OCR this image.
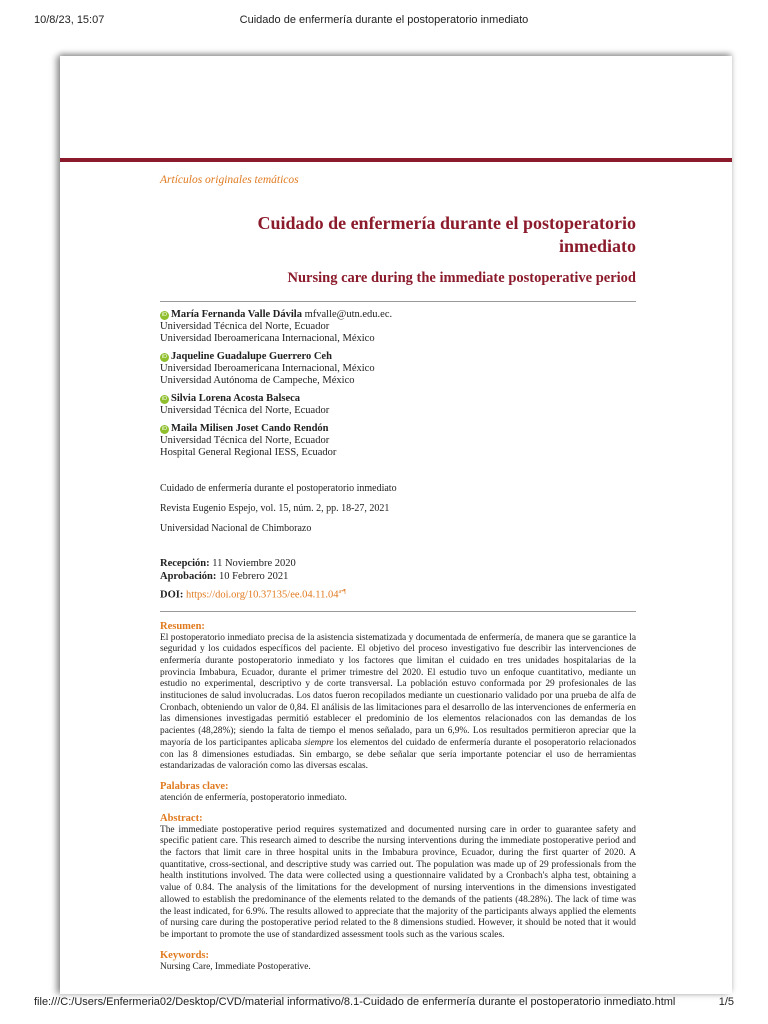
10/8/23, 15:07	Cuidado de enfermería durante el postoperatorio inmediato

Artículos originales temáticos

Cuidado de enfermería durante el postoperatorio
inmediato
Nursing care during the immediate postoperative period
iD María Fernanda Valle Dávila mfvalle@utn.edu.ec.
Universidad Técnica del Norte, Ecuador
Universidad Iberoamericana Internacional, México
iD Jaqueline Guadalupe Guerrero Ceh
Universidad Iberoamericana Internacional, México
Universidad Autónoma de Campeche, México
iD Silvia Lorena Acosta Balseca
Universidad Técnica del Norte, Ecuador
iD Maila Milisen Joset Cando Rendón
Universidad Técnica del Norte, Ecuador
Hospital General Regional IESS, Ecuador

Cuidado de enfermería durante el postoperatorio inmediato

Revista Eugenio Espejo, vol. 15, núm. 2, pp. 18-27, 2021

Universidad Nacional de Chimborazo

Recepción: 11 Noviembre 2020
Aprobación: 10 Febrero 2021
DOI: $https://doi.org/10.37135/ee.04.11.04^{a•\P}$

Resumen:

El postoperatorio inmediato precisa de la asistencia sistematizada y documentada de enfermería, de manera que se garantice la seguridad y los cuidados específicos del paciente. El objetivo del proceso investigativo fue describir las intervenciones de enfermería durante postoperatorio inmediato y los factores que limitan el cuidado en tres unidades hospitalarias de la provincia Imbabura, Ecuador, durante el primer trimestre del 2020. El estudio tuvo un enfoque cuantitativo, mediante un estudio no experimental, descriptivo y de corte transversal. La población estuvo conformada por 29 profesionales de las instituciones de salud involucradas. Los datos fueron recopilados mediante un cuestionario validado por una prueba de alfa de Cronbach, obteniendo un valor de 0,84. El análisis de las limitaciones para el desarrollo de las intervenciones de enfermería en las dimensiones investigadas permitió establecer el predominio de los elementos relacionados con las demandas de los pacientes (48,28%); siendo la falta de tiempo el menos señalado, para un 6,9%. Los resultados permitieron apreciar que la mayoría de los participantes aplicaba siempre los elementos del cuidado de enfermería durante el posoperatorio relacionados con las 8 dimensiones estudiadas. Sin embargo, se debe señalar que sería importante potenciar el uso de herramientas estandarizadas de valoración como las diversas escalas.

Palabras clave:

atención de enfermería, postoperatorio inmediato.

Abstract:

The immediate postoperative period requires systematized and documented nursing care in order to guarantee safety and specific patient care. This research aimed to describe the nursing interventions during the immediate postoperative period and the factors that limit care in three hospital units in the Imbabura province, Ecuador, during the first quarter of 2020. A quantitative, cross-sectional, and descriptive study was carried out. The population was made up of 29 professionals from the health institutions involved. The data were collected using a questionnaire validated by a Cronbach's alpha test, obtaining a value of 0.84. The analysis of the limitations for the development of nursing interventions in the dimensions investigated allowed to establish the predominance of the elements related to the demands of the patients (48.28%). The lack of time was the least indicated, for 6.9%. The results allowed to appreciate that the majority of the participants always applied the elements of nursing care during the postoperative period related to the 8 dimensions studied. However, it should be noted that it would be important to promote the use of standardized assessment tools such as the various scales.

Keywords:

Nursing Care, Immediate Postoperative.

file:///C:/Users/Enfermeria02/Desktop/CVD/material informativo/8.1-Cuidado de enfermería durante el postoperatorio inmediato.html	1/5
